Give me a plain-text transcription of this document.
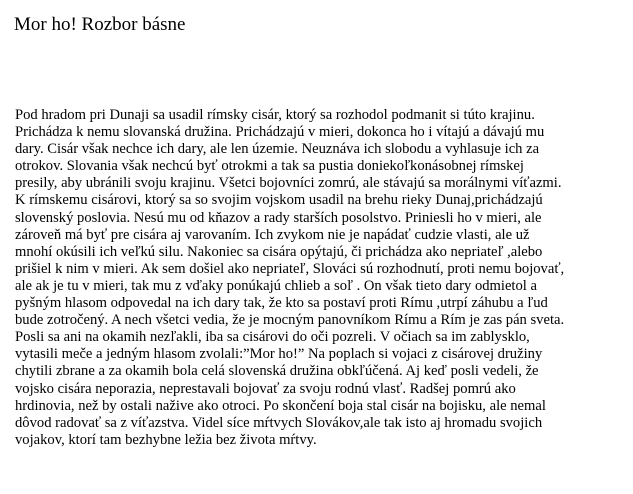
Mor ho! Rozbor básne
Pod hradom pri Dunaji sa usadil rímsky cisár, ktorý sa rozhodol podmanit si túto krajinu.
Prichádza k nemu slovanská družina. Prichádzajú v mieri, dokonca ho i vítajú a dávajú mu
dary. Cisár však nechce ich dary, ale len územie. Neuznáva ich slobodu a vyhlasuje ich za
otrokov. Slovania však nechcú byť otrokmi a tak sa pustia doniekoľkonásobnej rímskej
presily, aby ubránili svoju krajinu. Všetci bojovníci zomrú, ale stávajú sa morálnymi víťazmi.
K rímskemu cisárovi, ktorý sa so svojim vojskom usadil na brehu rieky Dunaj,prichádzajú
slovenský poslovia. Nesú mu od kňazov a rady starších posolstvo. Priniesli ho v mieri, ale
zároveň má byť pre cisára aj varovaním. Ich zvykom nie je napádať cudzie vlasti, ale už
mnohí okúsili ich veľkú silu. Nakoniec sa cisára opýtajú, či prichádza ako nepriateľ ,alebo
prišiel k nim v mieri. Ak sem došiel ako nepriateľ, Slováci sú rozhodnutí, proti nemu bojovať,
ale ak je tu v mieri, tak mu z vďaky ponúkajú chlieb a soľ . On však tieto dary odmietol a
pyšným hlasom odpovedal na ich dary tak, že kto sa postaví proti Rímu ,utrpí záhubu a ľud
bude zotročený. A nech všetci vedia, že je mocným panovníkom Rímu a Rím je zas pán sveta.
Posli sa ani na okamih nezľakli, iba sa cisárovi do oči pozreli. V očiach sa im zablysklo,
vytasili meče a jedným hlasom zvolali:”Mor ho!” Na poplach si vojaci z cisárovej družiny
chytili zbrane a za okamih bola celá slovenská družina obkľúčená. Aj keď posli vedeli, že
vojsko cisára neporazia, neprestavali bojovať za svoju rodnú vlasť. Radšej pomrú ako
hrdinovia, než by ostali nažive ako otroci. Po skončení boja stal cisár na bojisku, ale nemal
dôvod radovať sa z víťazstva. Videl síce mŕtvych Slovákov,ale tak isto aj hromadu svojich
vojakov, ktorí tam bezhybne ležia bez života mŕtvy.
